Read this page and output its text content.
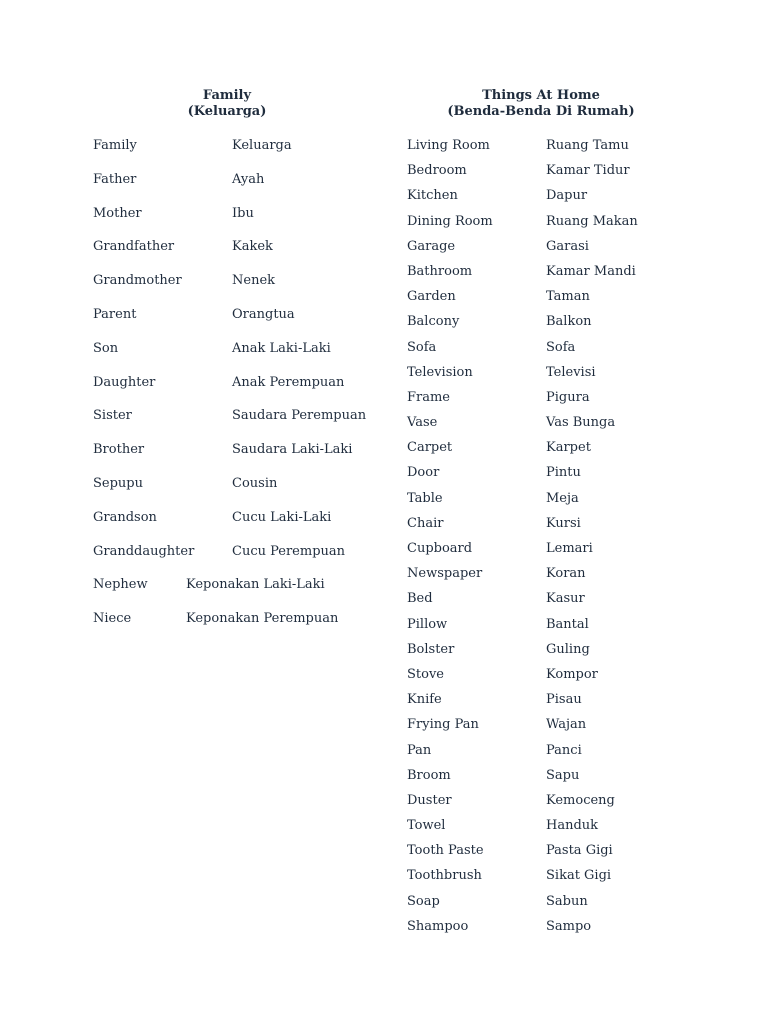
Family
(Keluarga)
Things At Home
(Benda-Benda Di Rumah)
Family	Keluarga
Father	Ayah
Mother	Ibu
Grandfather	Kakek
Grandmother	Nenek
Parent	Orangtua
Son	Anak Laki-Laki
Daughter	Anak Perempuan
Sister	Saudara Perempuan
Brother	Saudara Laki-Laki
Sepupu	Cousin
Grandson	Cucu Laki-Laki
Granddaughter	Cucu Perempuan
Nephew	Keponakan Laki-Laki
Niece	Keponakan Perempuan
Living Room	Ruang Tamu
Bedroom	Kamar Tidur
Kitchen	Dapur
Dining Room	Ruang Makan
Garage	Garasi
Bathroom	Kamar Mandi
Garden	Taman
Balcony	Balkon
Sofa	Sofa
Television	Televisi
Frame	Pigura
Vase	Vas Bunga
Carpet	Karpet
Door	Pintu
Table	Meja
Chair	Kursi
Cupboard	Lemari
Newspaper	Koran
Bed	Kasur
Pillow	Bantal
Bolster	Guling
Stove	Kompor
Knife	Pisau
Frying Pan	Wajan
Pan	Panci
Broom	Sapu
Duster	Kemoceng
Towel	Handuk
Tooth Paste	Pasta Gigi
Toothbrush	Sikat Gigi
Soap	Sabun
Shampoo	Sampo
